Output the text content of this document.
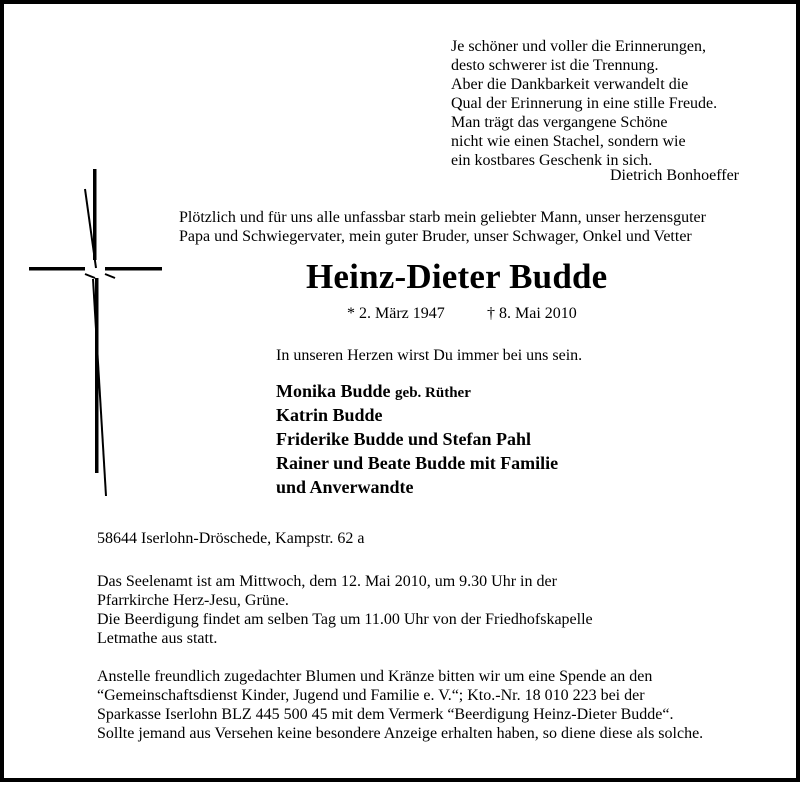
Je schöner und voller die Erinnerungen,
desto schwerer ist die Trennung.
Aber die Dankbarkeit verwandelt die
Qual der Erinnerung in eine stille Freude.
Man trägt das vergangene Schöne
nicht wie einen Stachel, sondern wie
ein kostbares Geschenk in sich.
Dietrich Bonhoeffer
Plötzlich und für uns alle unfassbar starb mein geliebter Mann, unser herzensguter
Papa und Schwiegervater, mein guter Bruder, unser Schwager, Onkel und Vetter
Heinz-Dieter Budde
* 2. März 1947	† 8. Mai 2010
In unseren Herzen wirst Du immer bei uns sein.
Monika Budde geb. Rüther
Katrin Budde
Friderike Budde und Stefan Pahl
Rainer und Beate Budde mit Familie
und Anverwandte
58644 Iserlohn-Dröschede, Kampstr. 62 a
Das Seelenamt ist am Mittwoch, dem 12. Mai 2010, um 9.30 Uhr in der
Pfarrkirche Herz-Jesu, Grüne.
Die Beerdigung findet am selben Tag um 11.00 Uhr von der Friedhofskapelle
Letmathe aus statt.
Anstelle freundlich zugedachter Blumen und Kränze bitten wir um eine Spende an den
“Gemeinschaftsdienst Kinder, Jugend und Familie e. V.“; Kto.-Nr. 18 010 223 bei der
Sparkasse Iserlohn BLZ 445 500 45 mit dem Vermerk “Beerdigung Heinz-Dieter Budde“.
Sollte jemand aus Versehen keine besondere Anzeige erhalten haben, so diene diese als solche.
